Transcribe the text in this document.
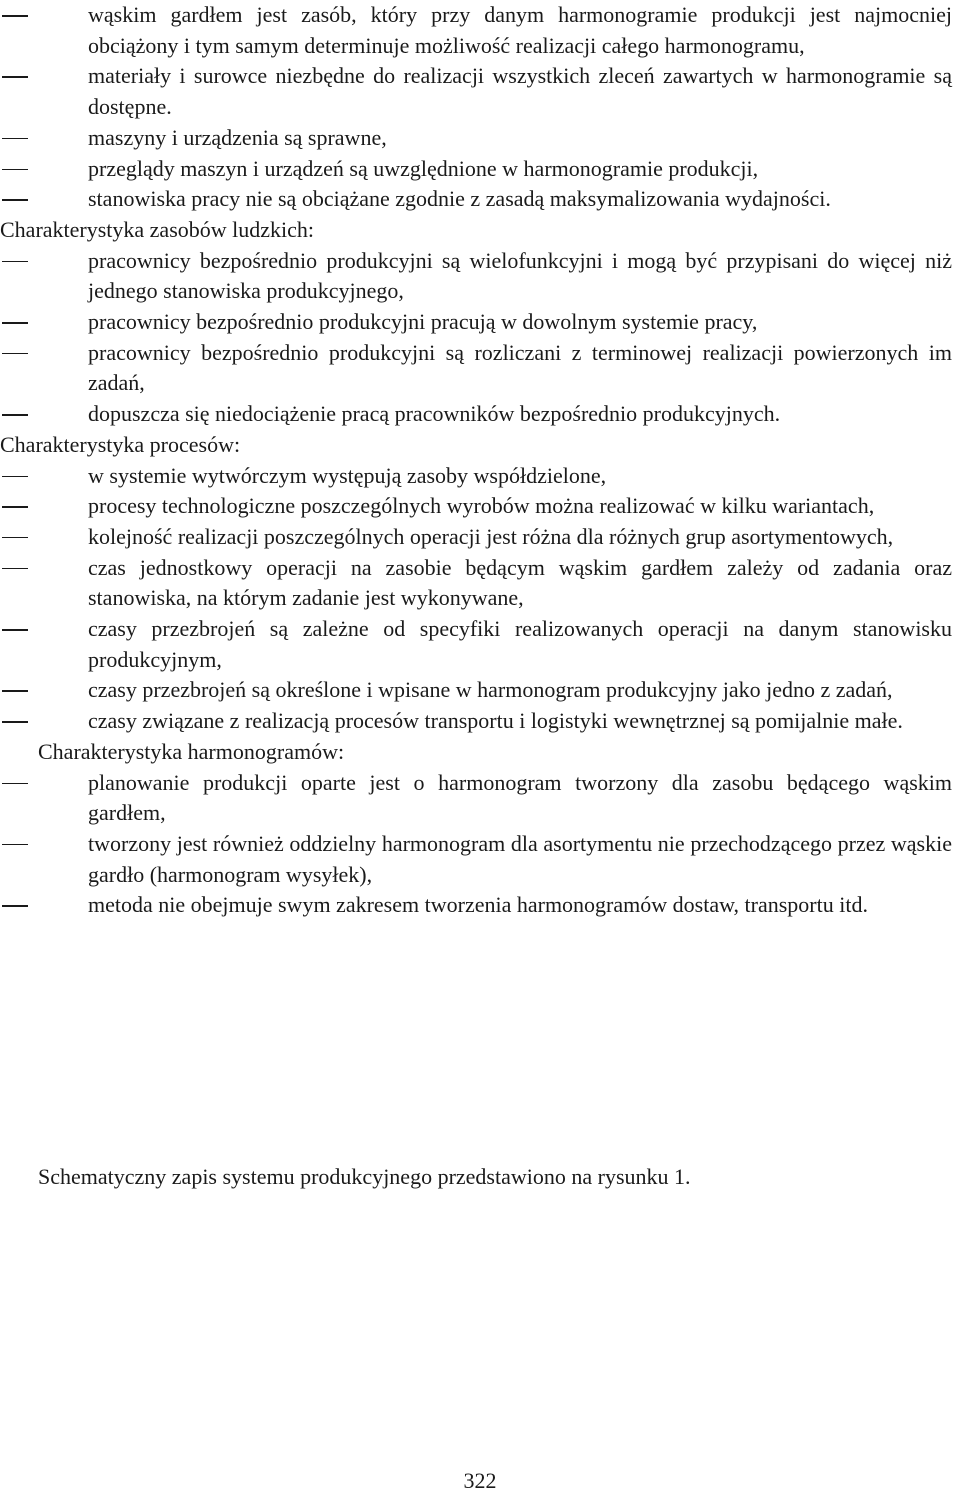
wąskim gardłem jest zasób, który przy danym harmonogramie produkcji jest najmocniej obciążony i tym samym determinuje możliwość realizacji całego harmonogramu,
materiały i surowce niezbędne do realizacji wszystkich zleceń zawartych w harmonogramie są dostępne.
maszyny i urządzenia są sprawne,
przeglądy maszyn i urządzeń są uwzględnione w harmonogramie produkcji,
stanowiska pracy nie są obciążane zgodnie z zasadą maksymalizowania wydajności.
Charakterystyka zasobów ludzkich:
pracownicy bezpośrednio produkcyjni są wielofunkcyjni i mogą być przypisani do więcej niż jednego stanowiska produkcyjnego,
pracownicy bezpośrednio produkcyjni pracują w dowolnym systemie pracy,
pracownicy bezpośrednio produkcyjni są rozliczani z terminowej realizacji powierzonych im zadań,
dopuszcza się niedociążenie pracą pracowników bezpośrednio produkcyjnych.
Charakterystyka procesów:
w systemie wytwórczym występują zasoby współdzielone,
procesy technologiczne poszczególnych wyrobów można realizować w kilku wariantach,
kolejność realizacji poszczególnych operacji jest różna dla różnych grup asortymentowych,
czas jednostkowy operacji na zasobie będącym wąskim gardłem zależy od zadania oraz stanowiska, na którym zadanie jest wykonywane,
czasy przezbrojeń są zależne od specyfiki realizowanych operacji na danym stanowisku produkcyjnym,
czasy przezbrojeń są określone i wpisane w harmonogram produkcyjny jako jedno z zadań,
czasy związane z realizacją procesów transportu i logistyki wewnętrznej są pomijalnie małe.
Charakterystyka harmonogramów:
planowanie produkcji oparte jest o harmonogram tworzony dla zasobu będącego wąskim gardłem,
tworzony jest również oddzielny harmonogram dla asortymentu nie przechodzącego przez wąskie gardło (harmonogram wysyłek),
metoda nie obejmuje swym zakresem tworzenia harmonogramów dostaw, transportu itd.
Schematyczny zapis systemu produkcyjnego przedstawiono na rysunku 1.
322
